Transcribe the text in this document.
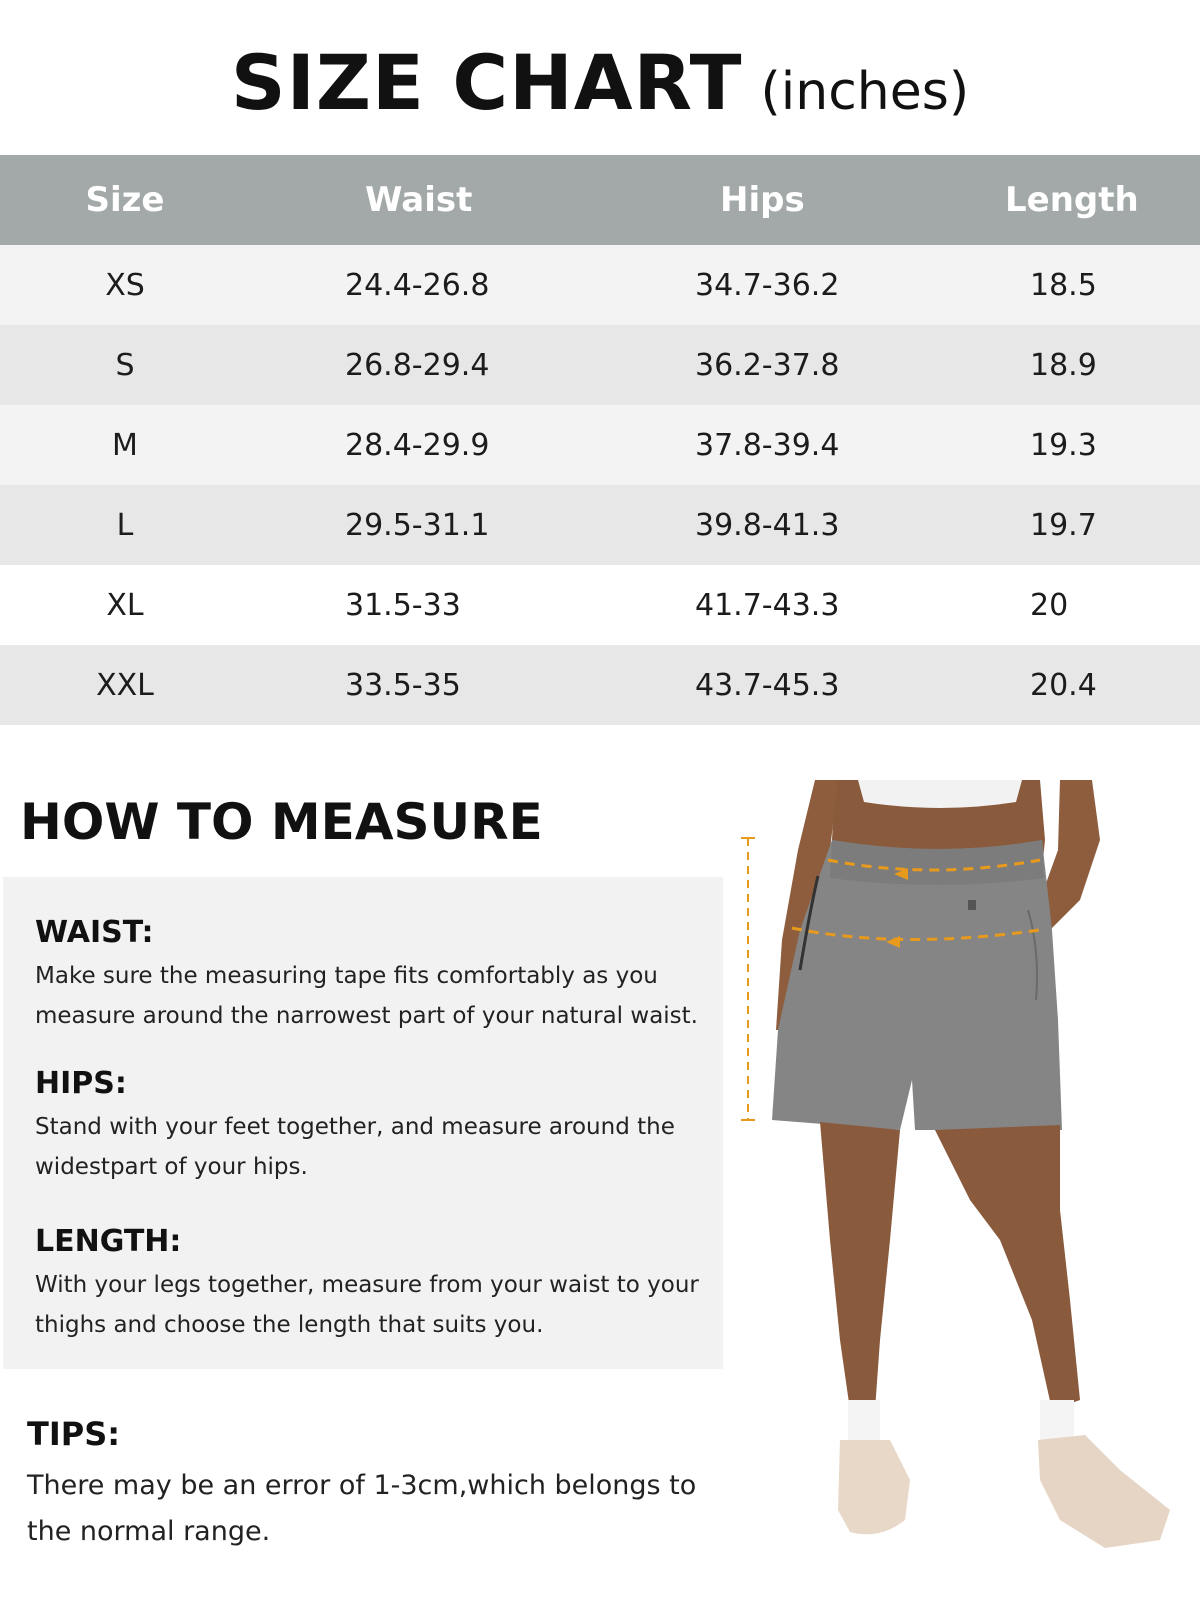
SIZE CHART (inches)
Size	Waist	Hips	Length
XS	24.4-26.8	34.7-36.2	18.5
S	26.8-29.4	36.2-37.8	18.9
M	28.4-29.9	37.8-39.4	19.3
L	29.5-31.1	39.8-41.3	19.7
XL	31.5-33	41.7-43.3	20
XXL	33.5-35	43.7-45.3	20.4
HOW TO MEASURE
WAIST:
Make sure the measuring tape fits comfortably as you measure around the narrowest part of your natural waist.
HIPS:
Stand with your feet together, and measure around the widestpart of your hips.
LENGTH:
With your legs together, measure from your waist to your thighs and choose the length that suits you.
TIPS:
There may be an error of 1-3cm,which belongs to the normal range.
